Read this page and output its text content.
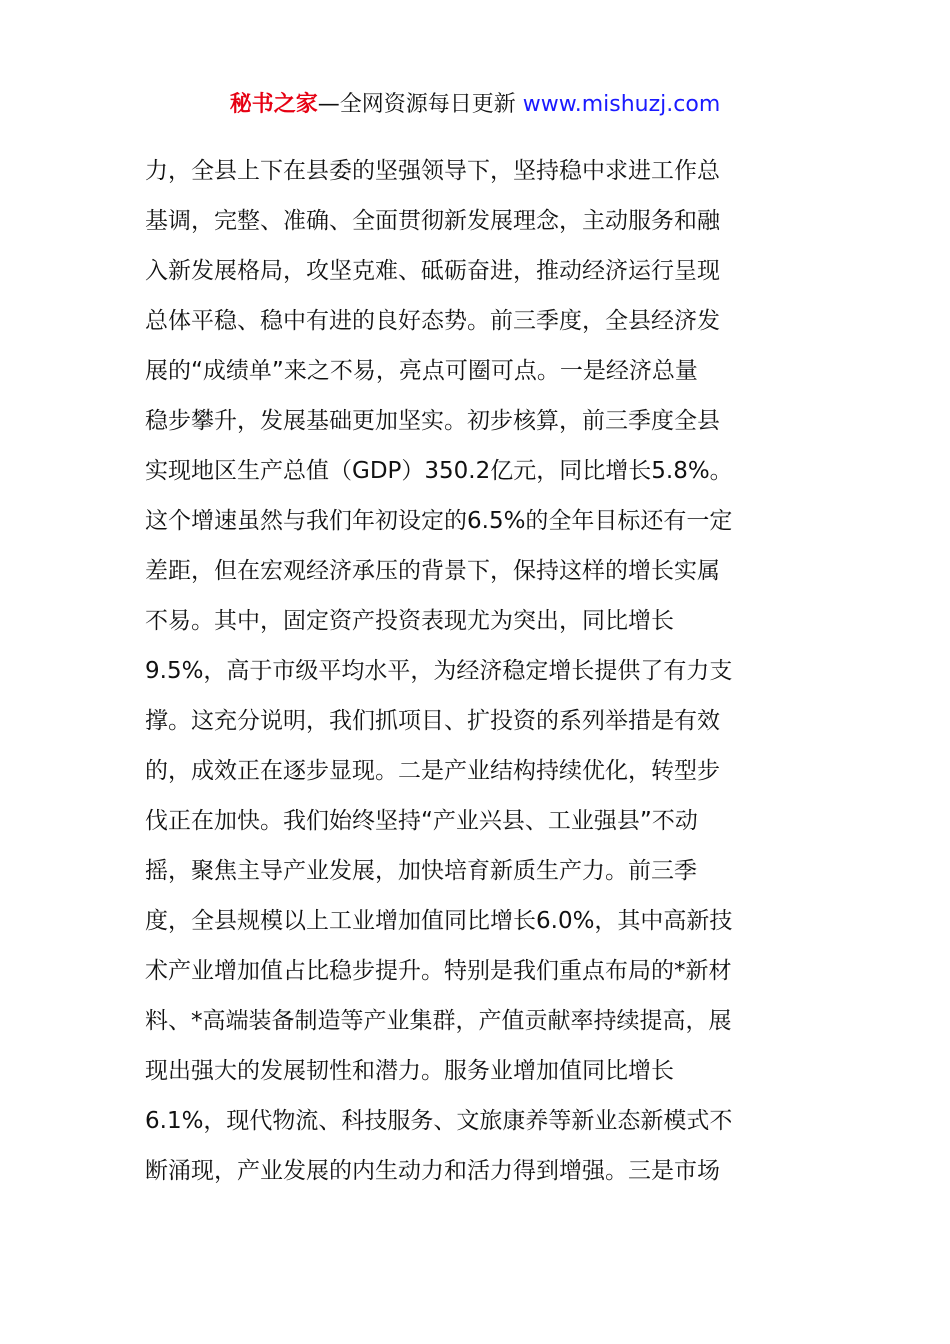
秘书之家—全网资源每日更新 www.mishuzj.com
力，全县上下在县委的坚强领导下，坚持稳中求进工作总
基调，完整、准确、全面贯彻新发展理念，主动服务和融
入新发展格局，攻坚克难、砥砺奋进，推动经济运行呈现
总体平稳、稳中有进的良好态势。前三季度，全县经济发
展的“成绩单”来之不易，亮点可圈可点。一是经济总量
稳步攀升，发展基础更加坚实。初步核算，前三季度全县
实现地区生产总值（GDP）350.2亿元，同比增长5.8%。
这个增速虽然与我们年初设定的6.5%的全年目标还有一定
差距，但在宏观经济承压的背景下，保持这样的增长实属
不易。其中，固定资产投资表现尤为突出，同比增长
9.5%，高于市级平均水平，为经济稳定增长提供了有力支
撑。这充分说明，我们抓项目、扩投资的系列举措是有效
的，成效正在逐步显现。二是产业结构持续优化，转型步
伐正在加快。我们始终坚持“产业兴县、工业强县”不动
摇，聚焦主导产业发展，加快培育新质生产力。前三季
度，全县规模以上工业增加值同比增长6.0%，其中高新技
术产业增加值占比稳步提升。特别是我们重点布局的*新材
料、*高端装备制造等产业集群，产值贡献率持续提高，展
现出强大的发展韧性和潜力。服务业增加值同比增长
6.1%，现代物流、科技服务、文旅康养等新业态新模式不
断涌现，产业发展的内生动力和活力得到增强。三是市场
